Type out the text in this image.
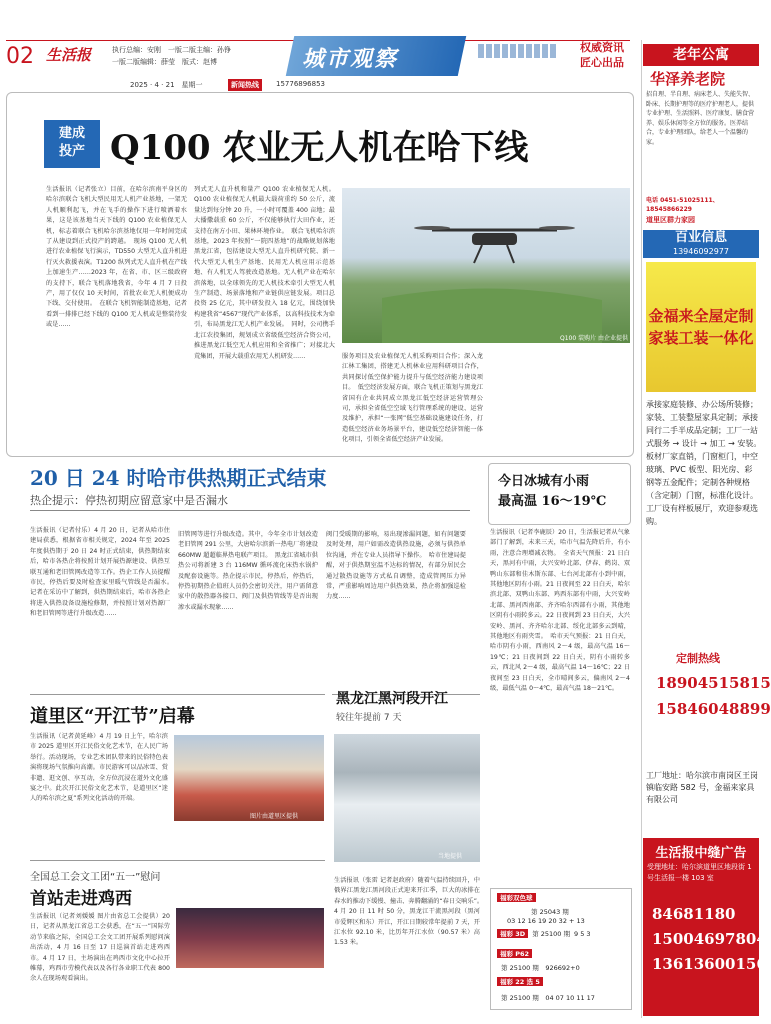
02 生活报	执行总编：安刚　一版二版主编：孙铮
一版二版编辑：薛莹　版式：赵博	城市观察	权威资讯
匠心出品
2025 · 4 · 21　星期一	新闻热线	15776896853
建成
投产 Q100 农业无人机在哈下线
生活报讯（记者张立）目前，在哈尔滨南平身区的哈尔滨联合飞机大型民用无人机产业基地，一架无人机顺利起飞，并在飞手的操作下进行喷洒着水果，这是该基地当天下线的 Q100 农业植保无人机，标志着联合飞机哈尔滨基地仅用一年时间完成了从建设到正式投产的跨越。　现场 Q100 无人机进行农业植保飞行演示，TD550 大型无人直升机进行灭火救援表演。T1200 纵列式无人直升机在产线上加速生产……2023 年，在省、市、区三级政府的支持下，联合飞机落地我省，今年 4 月 7 日投产，用了仅仅 10 天时间，首批农业无人机便成功下线、交付使用。　在联合飞机智能制造基地，记者看到一排排已经下线的 Q100 无人机或是整装待发或是……
列式无人直升机和量产 Q100 农业植保无人机。Q100 农业植保无人机最大载荷重约 50 公斤，流量达到每分钟 20 升，一小时可覆盖 400 亩地；最大播撒载重 60 公斤，不仅能够执行大田作业，还支持在南方小田、果林环境作业。　联合飞机哈尔滨基地，2023 年按照“一院四基地”的战略规划落地黑龙江省，包括建设大型无人直升机研究院、新一代大型无人机生产基地、民用无人机应用示范基地、有人机无人驾驶改造基地。无人机产业在哈尔滨落地，以全球领先的无人机技术牵引大型无人机生产制造、场景落地和产业链供应链发展。项目总投资 25 亿元，其中研发投入 18 亿元，围绕加快构建我省“4567”现代产业体系，以高科技技术为牵引，布局黑龙江无人机产业发展。　同时，公司携手北江农投集团，规划成立省级低空经济合资公司，推进黑龙江低空无人机应用和全省推广；对接北大荒集团，开展大载重农用无人机研发……
Q100 装购片 由企业提供
服务项目及农业植保无人机采购项目合作；深入龙江林工集团，搭建无人机林业应用科研项目合作，共同探讨低空保护能力提升与低空经济能力建设项目。　低空经济发展方面，联合飞机正策划与黑龙江省国有企业共同成立黑龙江低空经济运营管理公司，承担全省低空空域飞行管理系统的建设、运营及维护，承担“一张网”低空基础设施建设任务，打造低空经济业务场景平台，建设低空经济智能一体化项目，引领全省低空经济产业发展。
20 日 24 时哈市供热期正式结束
热企提示：停热初期应留意家中是否漏水
生活报讯（记者付乐）4 月 20 日，记者从哈市住建局获悉，根据省市相关规定，2024 年至 2025 年度供热期于 20 日 24 时正式结束，供热期结束后，哈市各热企将按照计划开展热源建设、供热互联互通和老旧管网改造等工作。热企工作人员提醒市民，停热后要及时检查家里暖气管线是否漏水。　记者在采访中了解到，供热期结束后，哈市各热企将进入供热设备设施检修期，并按照计划对热源厂和老旧管网等进行升级改造……
旧管网等进行升级改造。其中，今年全市计划改造老旧管网 291 公里，大唐哈尔滨新一热电厂将建设 660MW 超超临界热电联产项目。　黑龙江省城市供热公司将新建 3 台 116MW 循环流化床热水锅炉及配套设施等。热企提示市民，停热后，停热后，停热初期热企值班人员仍会密切关注，用户需留意家中的散热器各接口、阀门及供热管线等是否出现渗水或漏水现象……
阀门受暖期的影响，易出现渗漏问题，如有问题要及时处理，用户如需改造供热设施，必须与供热单位沟通，并在专业人员指导下操作。　哈市住建局提醒，对于供热期室温不达标的情况，有部分居民会通过散热设施等方式私自调整，造成管网压力异常，严重影响周边用户供热效果，热企将加强巡检力度……
今日冰城有小雨
最高温 16～19℃
生活报讯（记者李鹿辰）20 日，生活报记者从气象部门了解到，未来三天，哈市气温先降后升，有小雨，注意合理增减衣物。　全省天气预报：21 日白天，黑河有中雨，大兴安岭北部、伊春、鹤岗、双鸭山东部和佳木斯东部、七台河北部有小到中雨，其他地区阴有小雨。21 日夜间至 22 日白天，哈尔滨北部、双鸭山东部、鸡西东部有中雨，大兴安岭北部、黑河西南部、齐齐哈尔西部有小雨，其他地区阴有小雨转多云。22 日夜间到 23 日白天，大兴安岭、黑河、齐齐哈尔北部、绥化北部多云到晴，其他地区有雨夹雪。　哈市天气预报：21 日白天，哈市阴有小雨，西南风 2～4 级，最高气温 16～19℃；21 日夜间到 22 日白天，阴有小雨转多云，西北风 2～4 级，最高气温 14～16℃；22 日夜间至 23 日白天，全市晴间多云，偏南风 2～4 级，最低气温 0～4℃，最高气温 18～21℃。
道里区“开江节”启幕
生活报讯（记者黄延峰）4 月 19 日上午，哈尔滨市 2025 道里区开江民俗文化艺术节，在人民广场举行。活动现场，专业艺术团队带来的民俗特色表演将现场气氛推向高潮。市民游客可以品冰雪、赏非遗、逛文创、享互动，全方位沉浸在道外文化盛宴之中。此次开江民俗文化艺术节，是道里区“迷人的哈尔滨之夏”系列文化活动的开端。
图片由道里区提供
黑龙江黑河段开江
较往年提前 7 天
当地提供
生活报讯（张雷 记者赵政府）随着气温持续回升，中俄界江黑龙江黑河段正式迎来开江季，巨大的冰排在春水的推动下缓慢、撞击、奔腾翻涌的“春日交响乐”。　4 月 20 日 11 时 50 分，黑龙江干流黑河段（黑河市爱辉区和东）开江，开江日期较常年提前 7 天，开江水位 92.10 米，比历年开江水位（90.57 米）高 1.53 米。
全国总工会文工团“五一”慰问
首站走进鸡西
生活报讯（记者刘媛媛 图片由省总工会提供）20 日，记者从黑龙江省总工会获悉，在“五一”国际劳动节来临之际，全国总工会文工团开展系列慰问演出活动，4 月 16 日至 17 日巡演首站走进鸡西市。4 月 17 日，主场演出在鸡西市文化中心拉开帷幕，鸡西市劳模代表以及各行各业职工代表 800 余人在现场观看演出。
福彩双色球
第 25043 期
03 12 16 19 20 32 + 13
福彩 3D	第 25100 期 9 5 3
福彩 P62
第 25100 期　 926692+0
福彩 22 选 5
第 25100 期　 04 07 10 11 17
老年公寓
华泽养老院
招自理、半自理、病床老人、失能失智、卧床、长期护理等的医疗护理老人，提供专业护理、生活照料、医疗康复、膳食营养、娱乐休闲等全方位的服务。医养结合，专业护理团队，给老人一个温馨的家。
电话 0451-51025111、18545866229
道里区群力家园
百业信息
13946092977
金福来全屋定制
家装工装一体化
承接家庭装修、办公场所装修；家装、工装整屋家具定制；承接同行二手半成品定制；工厂一站式服务 → 设计 → 加工 → 安装。　板材厂家直销，门窗柜门，中空玻璃、PVC 板型、阳光房、彩钢等五金配件；定制各种规格（含定制）门窗，标准化设计。工厂设有样板展厅，欢迎参观选购。
定制热线
18904515815
15846048899
工厂地址：哈尔滨市南岗区王岗镇临安路 582 号，金福来家具有限公司
生活报中缝广告
受理地址：哈尔滨道里区地段街 1 号生活报一楼 103 室
84681180
15004697804
13613600156
